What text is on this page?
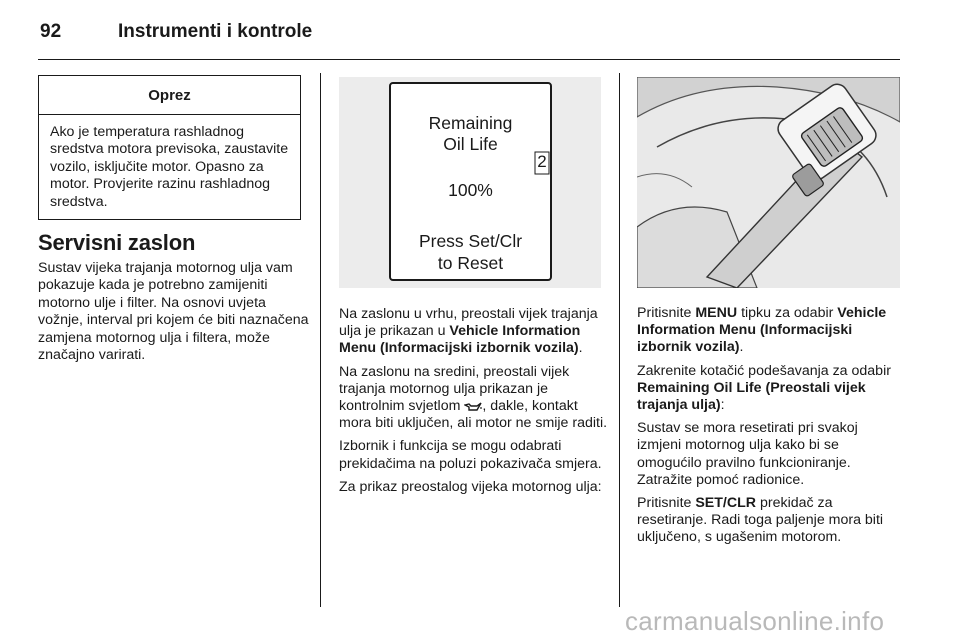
92	Instrumenti i kontrole
Oprez
Ako je temperatura rashladnog sredstva motora previsoka, zaustavite vozilo, isključite motor. Opasno za motor. Provjerite razinu rashladnog sredstva.
Servisni zaslon
Sustav vijeka trajanja motornog ulja vam pokazuje kada je potrebno zamijeniti motorno ulje i filter. Na osnovi uvjeta vožnje, interval pri kojem će biti naznačena zamjena motornog ulja i filtera, može značajno varirati.
Remaining
Oil Life
100%
Press Set/Clr
to Reset
2

Na zaslonu u vrhu, preostali vijek trajanja ulja je prikazan u Vehicle Information Menu (Informacijski izbornik vozila).

Na zaslonu na sredini, preostali vijek trajanja motornog ulja prikazan je kontrolnim svjetlom , dakle, kontakt mora biti uključen, ali motor ne smije raditi.

Izbornik i funkcija se mogu odabrati prekidačima na poluzi pokazivača smjera.

Za prikaz preostalog vijeka motornog ulja:

Pritisnite MENU tipku za odabir Vehicle Information Menu (Informacijski izbornik vozila).

Zakrenite kotačić podešavanja za odabir Remaining Oil Life (Preostali vijek trajanja ulja):

Sustav se mora resetirati pri svakoj izmjeni motornog ulja kako bi se omogućilo pravilno funkcioniranje. Zatražite pomoć radionice.

Pritisnite SET/CLR prekidač za resetiranje. Radi toga paljenje mora biti uključeno, s ugašenim motorom.

carmanualsonline.info
